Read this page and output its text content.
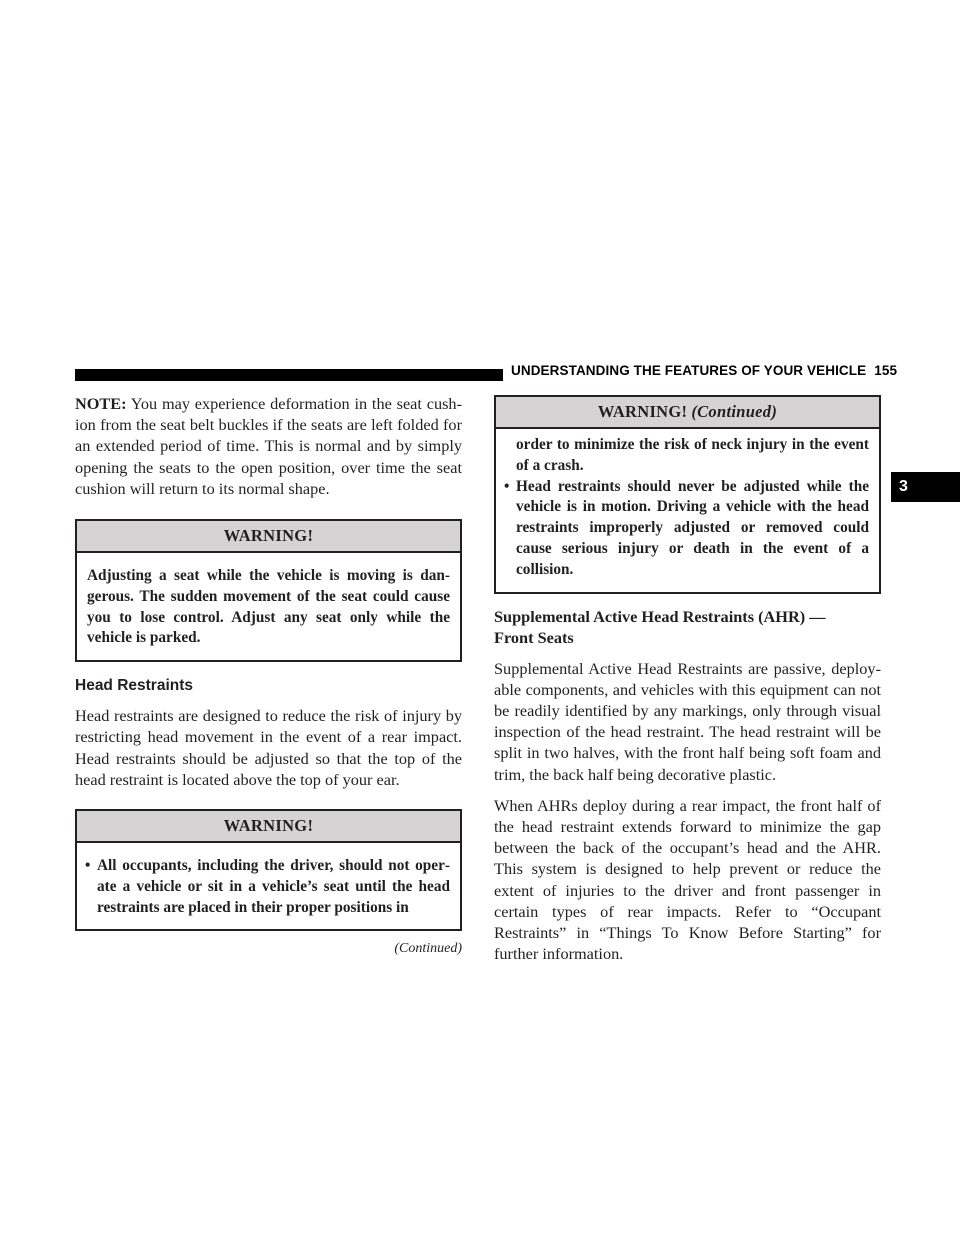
UNDERSTANDING THE FEATURES OF YOUR VEHICLE 155
3

NOTE: You may experience deformation in the seat cushion from the seat belt buckles if the seats are left folded for an extended period of time. This is normal and by simply opening the seats to the open position, over time the seat cushion will return to its normal shape.

WARNING!
Adjusting a seat while the vehicle is moving is dangerous. The sudden movement of the seat could cause you to lose control. Adjust any seat only while the vehicle is parked.
Head Restraints

Head restraints are designed to reduce the risk of injury by restricting head movement in the event of a rear impact. Head restraints should be adjusted so that the top of the head restraint is located above the top of your ear.

WARNING!
• All occupants, including the driver, should not operate a vehicle or sit in a vehicle’s seat until the head restraints are placed in their proper positions in
(Continued)
WARNING! (Continued)
order to minimize the risk of neck injury in the event of a crash.
• Head restraints should never be adjusted while the vehicle is in motion. Driving a vehicle with the head restraints improperly adjusted or removed could cause serious injury or death in the event of a collision.
Supplemental Active Head Restraints (AHR) —
Front Seats

Supplemental Active Head Restraints are passive, deployable components, and vehicles with this equipment can not be readily identified by any markings, only through visual inspection of the head restraint. The head restraint will be split in two halves, with the front half being soft foam and trim, the back half being decorative plastic.

When AHRs deploy during a rear impact, the front half of the head restraint extends forward to minimize the gap between the back of the occupant’s head and the AHR. This system is designed to help prevent or reduce the extent of injuries to the driver and front passenger in certain types of rear impacts. Refer to “Occupant Restraints” in “Things To Know Before Starting” for further information.
